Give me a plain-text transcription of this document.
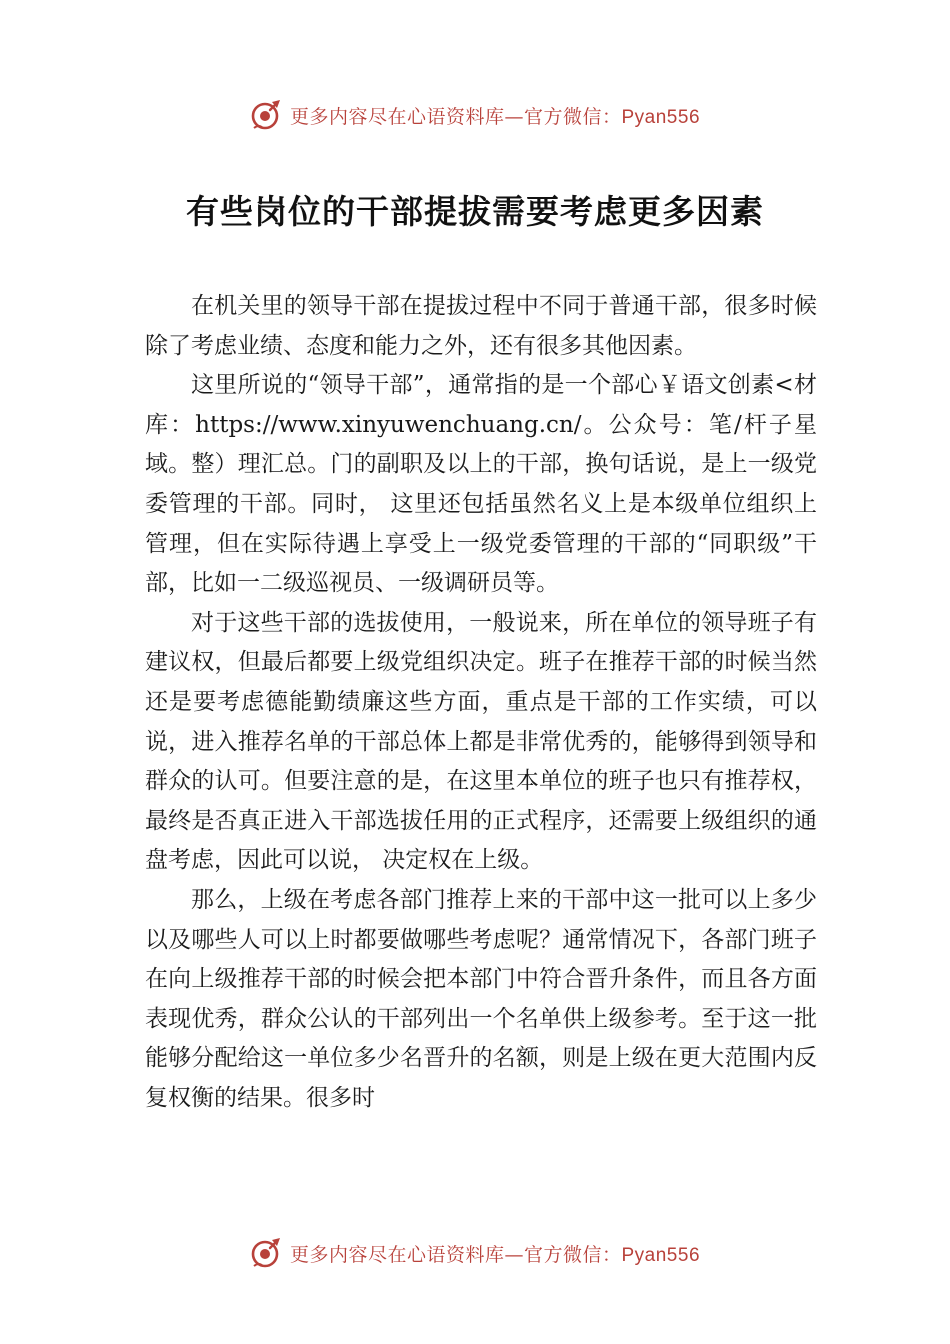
更多内容尽在心语资料库—官方微信：Pyan556
有些岗位的干部提拔需要考虑更多因素

在机关里的领导干部在提拔过程中不同于普通干部，很多时候除了考虑业绩、态度和能力之外，还有很多其他因素。

这里所说的“领导干部”，通常指的是一个部心￥语文创素<材库：https://www.xinyuwenchuang.cn/。公众号：笔/杆子星域。整）理汇总。门的副职及以上的干部，换句话说，是上一级党委管理的干部。同时， 这里还包括虽然名义上是本级单位组织上管理，但在实际待遇上享受上一级党委管理的干部的“同职级”干部，比如一二级巡视员、一级调研员等。

对于这些干部的选拔使用，一般说来，所在单位的领导班子有建议权，但最后都要上级党组织决定。班子在推荐干部的时候当然还是要考虑德能勤绩廉这些方面，重点是干部的工作实绩，可以说，进入推荐名单的干部总体上都是非常优秀的，能够得到领导和群众的认可。但要注意的是，在这里本单位的班子也只有推荐权，最终是否真正进入干部选拔任用的正式程序，还需要上级组织的通盘考虑，因此可以说， 决定权在上级。

那么，上级在考虑各部门推荐上来的干部中这一批可以上多少以及哪些人可以上时都要做哪些考虑呢？通常情况下，各部门班子在向上级推荐干部的时候会把本部门中符合晋升条件，而且各方面表现优秀，群众公认的干部列出一个名单供上级参考。至于这一批能够分配给这一单位多少名晋升的名额，则是上级在更大范围内反复权衡的结果。很多时

更多内容尽在心语资料库—官方微信：Pyan556
